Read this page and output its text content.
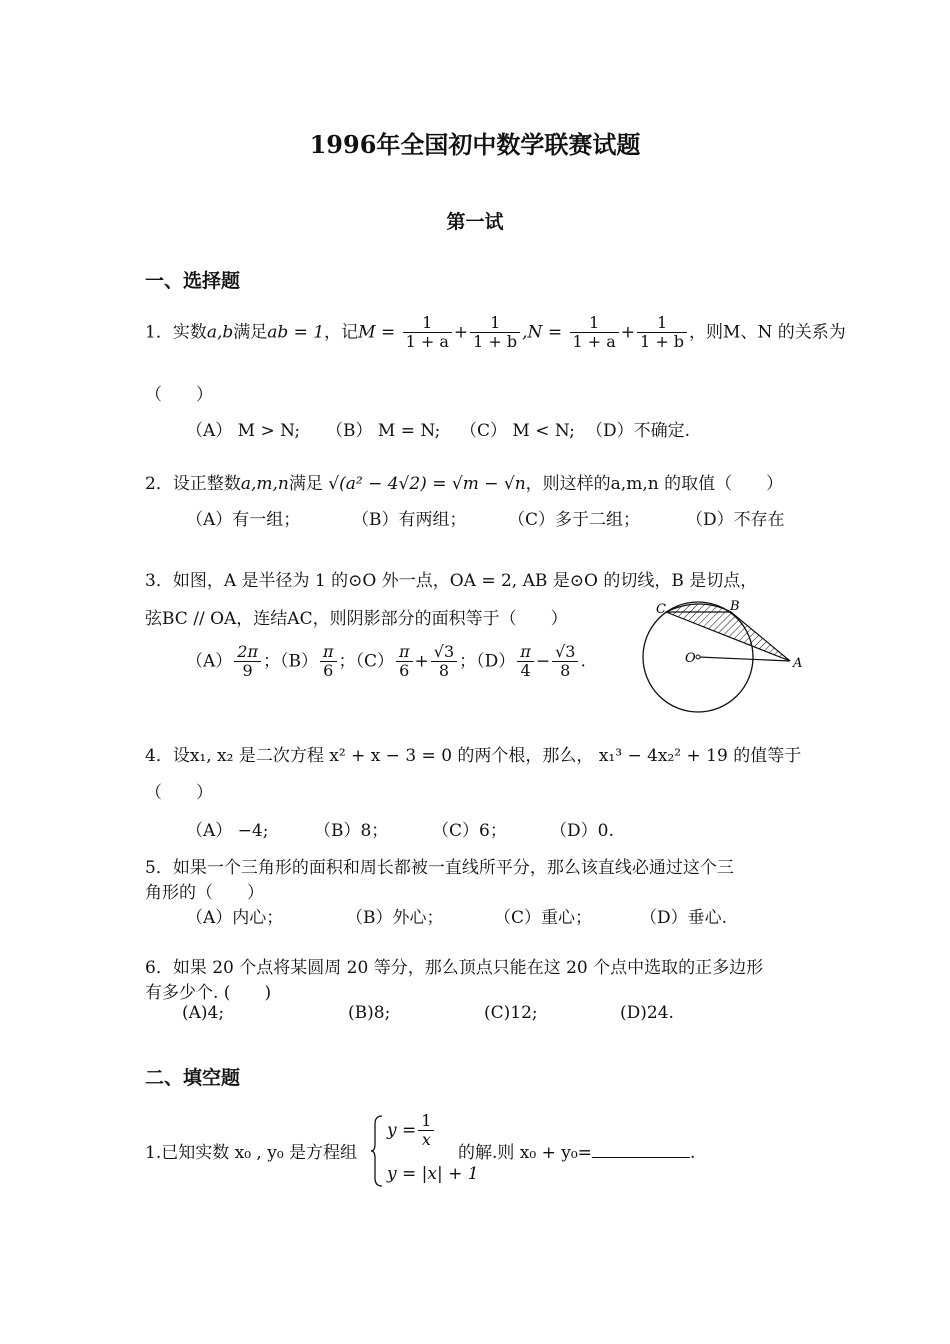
1996年全国初中数学联赛试题
第一试
一、选择题
1．实数a,b满足ab = 1，记$M = \frac{1}{1 + a} + \frac{1}{1 + b} ,N = \frac{1}{1 + a} + \frac{1}{1 + b}$ ，则M、N 的关系为
（　　）
（A） M > N; （B） M = N; （C） M < N; （D）不确定.
2．设正整数a,m,n满足 √(a² − 4√2) = √m − √n，则这样的a,m,n 的取值（　　）
（A）有一组；	（B）有两组； （C）多于二组；	（D）不存在
3．如图，A 是半径为 1 的⊙O 外一点，OA = 2, AB 是⊙O 的切线，B 是切点，
弦BC // OA，连结AC，则阴影部分的面积等于（　　）
$(A) \frac{2\pi}{9}$ ；$(B) \frac{\pi}{6}$ ；$(C) \frac{\pi}{6} + \frac{√3}{8}$ ；$(D) \frac{\pi}{4} - \frac{√3}{8}$ .
C	B
O	A
4．设x₁, x₂ 是二次方程 x² + x − 3 = 0 的两个根，那么， x₁³ − 4x₂² + 19 的值等于
（　　）
（A） −4;	（B）8；	（C）6；	（D）0.
5．如果一个三角形的面积和周长都被一直线所平分，那么该直线必通过这个三
角形的（　　）
（A）内心；	（B）外心；	（C）重心；	（D）垂心.
6．如果 20 个点将某圆周 20 等分，那么顶点只能在这 20 个点中选取的正多边形
有多少个. (　　)
(A)4;	(B)8;	(C)12;	(D)24.
二、填空题
1.已知实数 x₀ , y₀ 是方程组
$y = \frac{1}{x}$
y = |x| + 1
的解.则 x₀ + y₀=	.
